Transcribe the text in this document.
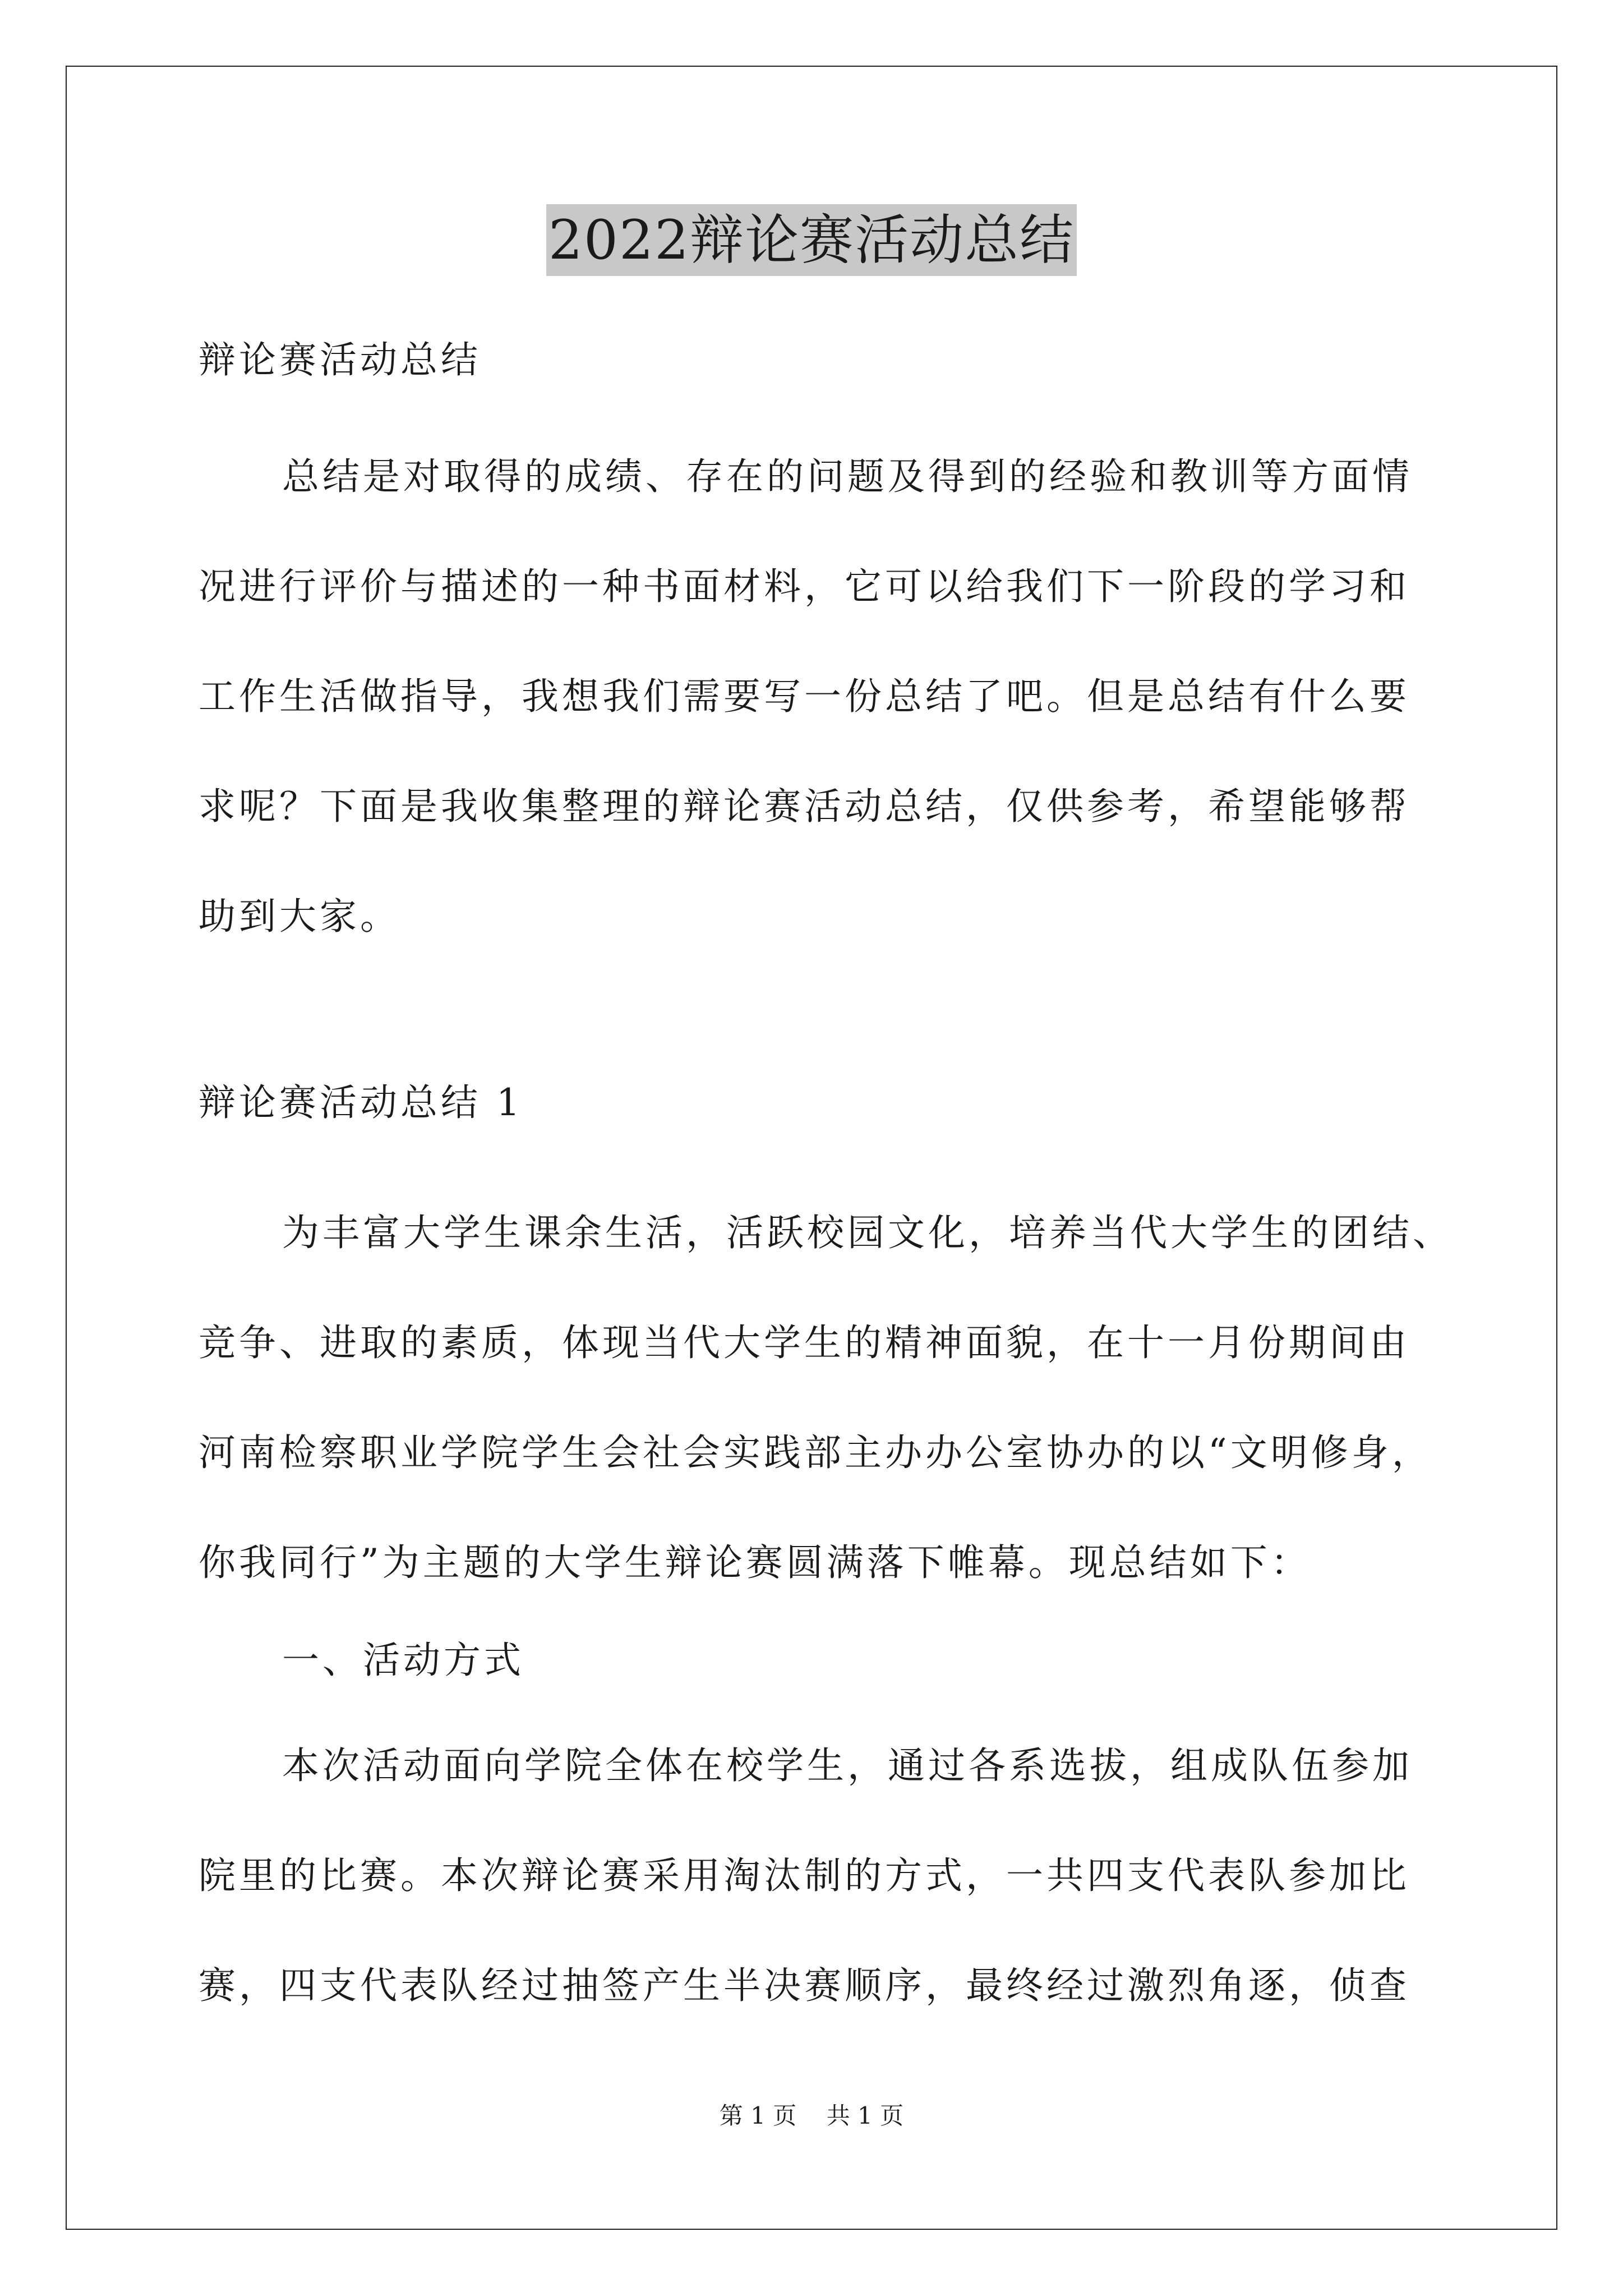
2022辩论赛活动总结
辩论赛活动总结
总结是对取得的成绩、存在的问题及得到的经验和教训等方面情
况进行评价与描述的一种书面材料，它可以给我们下一阶段的学习和
工作生活做指导，我想我们需要写一份总结了吧。但是总结有什么要
求呢？下面是我收集整理的辩论赛活动总结，仅供参考，希望能够帮
助到大家。
辩论赛活动总结 1
为丰富大学生课余生活，活跃校园文化，培养当代大学生的团结、
竞争、进取的素质，体现当代大学生的精神面貌，在十一月份期间由
河南检察职业学院学生会社会实践部主办办公室协办的以“文明修身，
你我同行”为主题的大学生辩论赛圆满落下帷幕。现总结如下：
一、活动方式
本次活动面向学院全体在校学生，通过各系选拔，组成队伍参加
院里的比赛。本次辩论赛采用淘汰制的方式，一共四支代表队参加比
赛，四支代表队经过抽签产生半决赛顺序，最终经过激烈角逐，侦查
第 1 页    共 1 页
